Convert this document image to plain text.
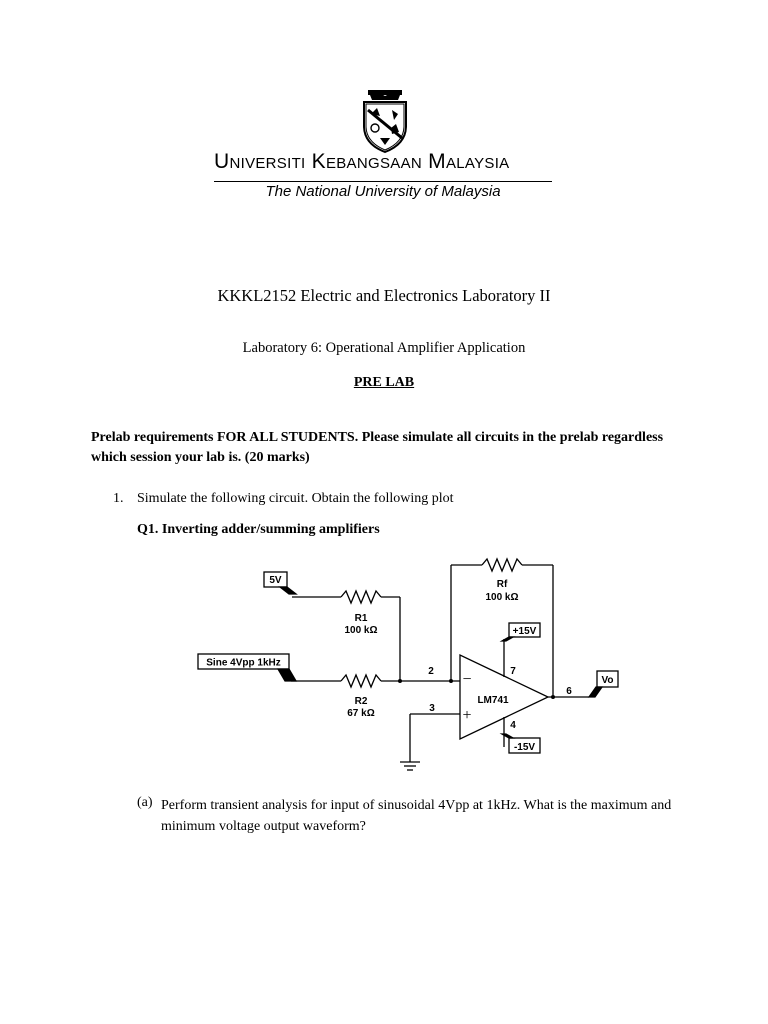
Universiti Kebangsaan Malaysia
The National University of Malaysia
KKKL2152 Electric and Electronics Laboratory II
Laboratory 6: Operational Amplifier Application
PRE LAB
Prelab requirements FOR ALL STUDENTS. Please simulate all circuits in the prelab regardless which session your lab is. (20 marks)
1. Simulate the following circuit. Obtain the following plot
Q1. Inverting adder/summing amplifiers
5V
Sine 4Vpp 1kHz
R1
100 kΩ
R2
67 kΩ
Rf
100 kΩ
LM741
+15V
-15V
Vo
2
3
4
6
7
−
+
(a) Perform transient analysis for input of sinusoidal 4Vpp at 1kHz. What is the maximum and minimum voltage output waveform?
